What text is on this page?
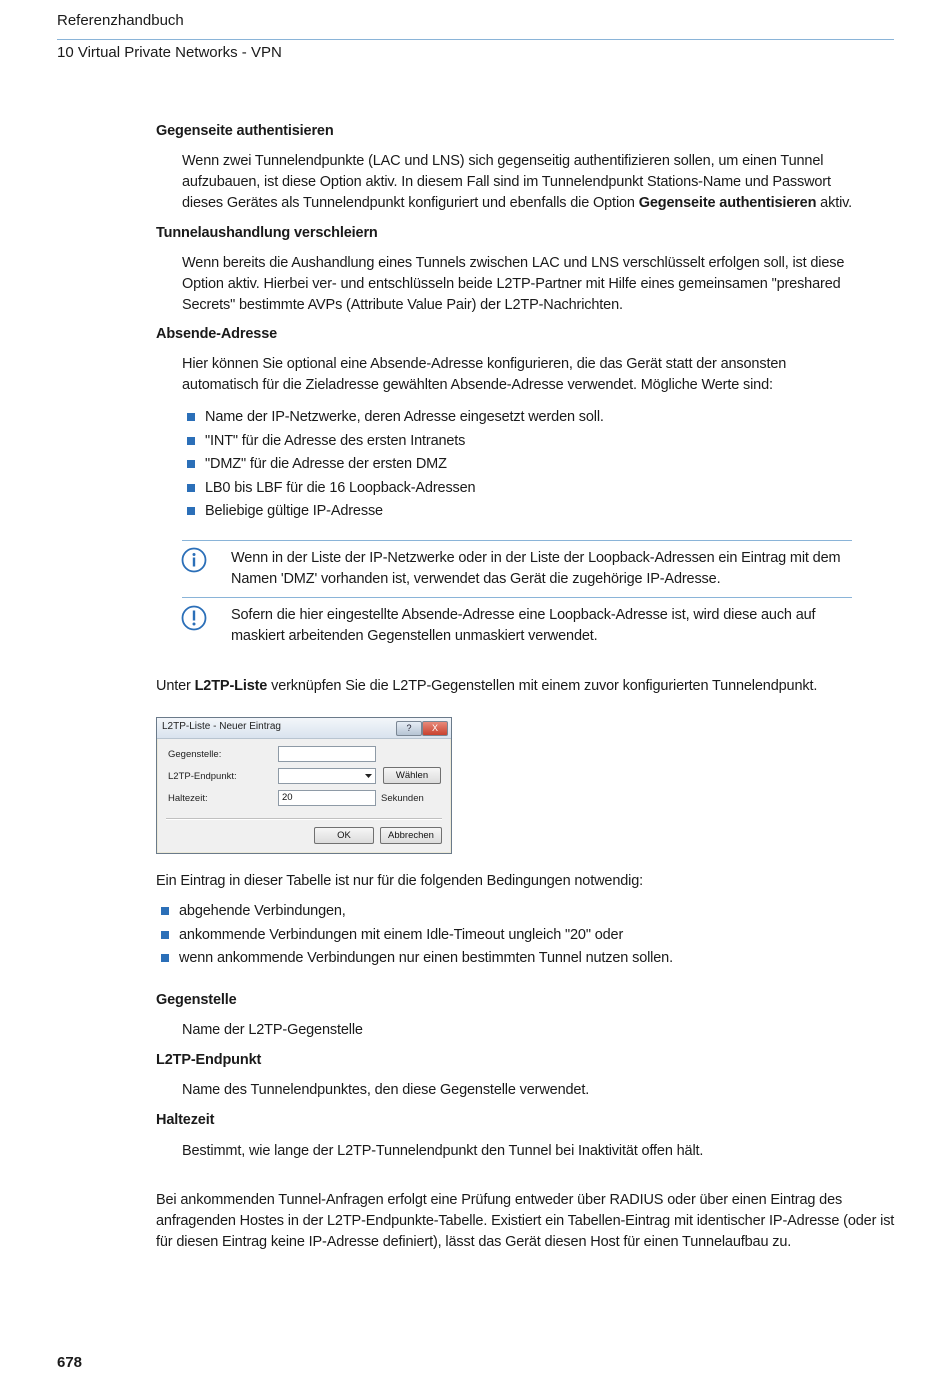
Referenzhandbuch
10 Virtual Private Networks - VPN
Gegenseite authentisieren
Wenn zwei Tunnelendpunkte (LAC und LNS) sich gegenseitig authentifizieren sollen, um einen Tunnel aufzubauen, ist diese Option aktiv. In diesem Fall sind im Tunnelendpunkt Stations-Name und Passwort dieses Gerätes als Tunnelendpunkt konfiguriert und ebenfalls die Option Gegenseite authentisieren aktiv.
Tunnelaushandlung verschleiern
Wenn bereits die Aushandlung eines Tunnels zwischen LAC und LNS verschlüsselt erfolgen soll, ist diese Option aktiv. Hierbei ver- und entschlüsseln beide L2TP-Partner mit Hilfe eines gemeinsamen "preshared Secrets" bestimmte AVPs (Attribute Value Pair) der L2TP-Nachrichten.
Absende-Adresse
Hier können Sie optional eine Absende-Adresse konfigurieren, die das Gerät statt der ansonsten automatisch für die Zieladresse gewählten Absende-Adresse verwendet. Mögliche Werte sind:
Name der IP-Netzwerke, deren Adresse eingesetzt werden soll.
"INT" für die Adresse des ersten Intranets
"DMZ" für die Adresse der ersten DMZ
LB0 bis LBF für die 16 Loopback-Adressen
Beliebige gültige IP-Adresse
Wenn in der Liste der IP-Netzwerke oder in der Liste der Loopback-Adressen ein Eintrag mit dem Namen 'DMZ' vorhanden ist, verwendet das Gerät die zugehörige IP-Adresse.
Sofern die hier eingestellte Absende-Adresse eine Loopback-Adresse ist, wird diese auch auf maskiert arbeitenden Gegenstellen unmaskiert verwendet.
Unter L2TP-Liste verknüpfen Sie die L2TP-Gegenstellen mit einem zuvor konfigurierten Tunnelendpunkt.
L2TP-Liste - Neuer Eintrag	?	X
Gegenstelle:
L2TP-Endpunkt:	Wählen
Haltezeit:	20	Sekunden
OK	Abbrechen
Ein Eintrag in dieser Tabelle ist nur für die folgenden Bedingungen notwendig:
abgehende Verbindungen,
ankommende Verbindungen mit einem Idle-Timeout ungleich "20" oder
wenn ankommende Verbindungen nur einen bestimmten Tunnel nutzen sollen.
Gegenstelle
Name der L2TP-Gegenstelle
L2TP-Endpunkt
Name des Tunnelendpunktes, den diese Gegenstelle verwendet.
Haltezeit
Bestimmt, wie lange der L2TP-Tunnelendpunkt den Tunnel bei Inaktivität offen hält.
Bei ankommenden Tunnel-Anfragen erfolgt eine Prüfung entweder über RADIUS oder über einen Eintrag des anfragenden Hostes in der L2TP-Endpunkte-Tabelle. Existiert ein Tabellen-Eintrag mit identischer IP-Adresse (oder ist für diesen Eintrag keine IP-Adresse definiert), lässt das Gerät diesen Host für einen Tunnelaufbau zu.
678
